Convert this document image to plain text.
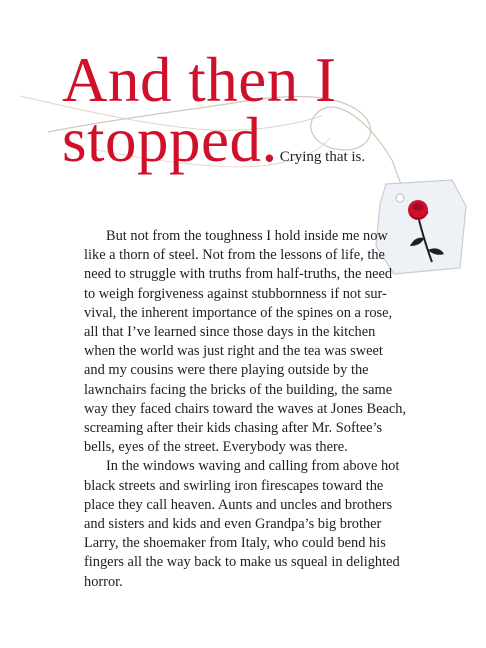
And then I
stopped. Crying that is.

But not from the toughness I hold inside me now
like a thorn of steel. Not from the lessons of life, the
need to struggle with truths from half-truths, the need
to weigh forgiveness against stubbornness if not sur-
vival, the inherent importance of the spines on a rose,
all that I’ve learned since those days in the kitchen
when the world was just right and the tea was sweet
and my cousins were there playing outside by the
lawnchairs facing the bricks of the building, the same
way they faced chairs toward the waves at Jones Beach,
screaming after their kids chasing after Mr. Softee’s
bells, eyes of the street. Everybody was there.

In the windows waving and calling from above hot
black streets and swirling iron firescapes toward the
place they call heaven. Aunts and uncles and brothers
and sisters and kids and even Grandpa’s big brother
Larry, the shoemaker from Italy, who could bend his
fingers all the way back to make us squeal in delighted
horror.
